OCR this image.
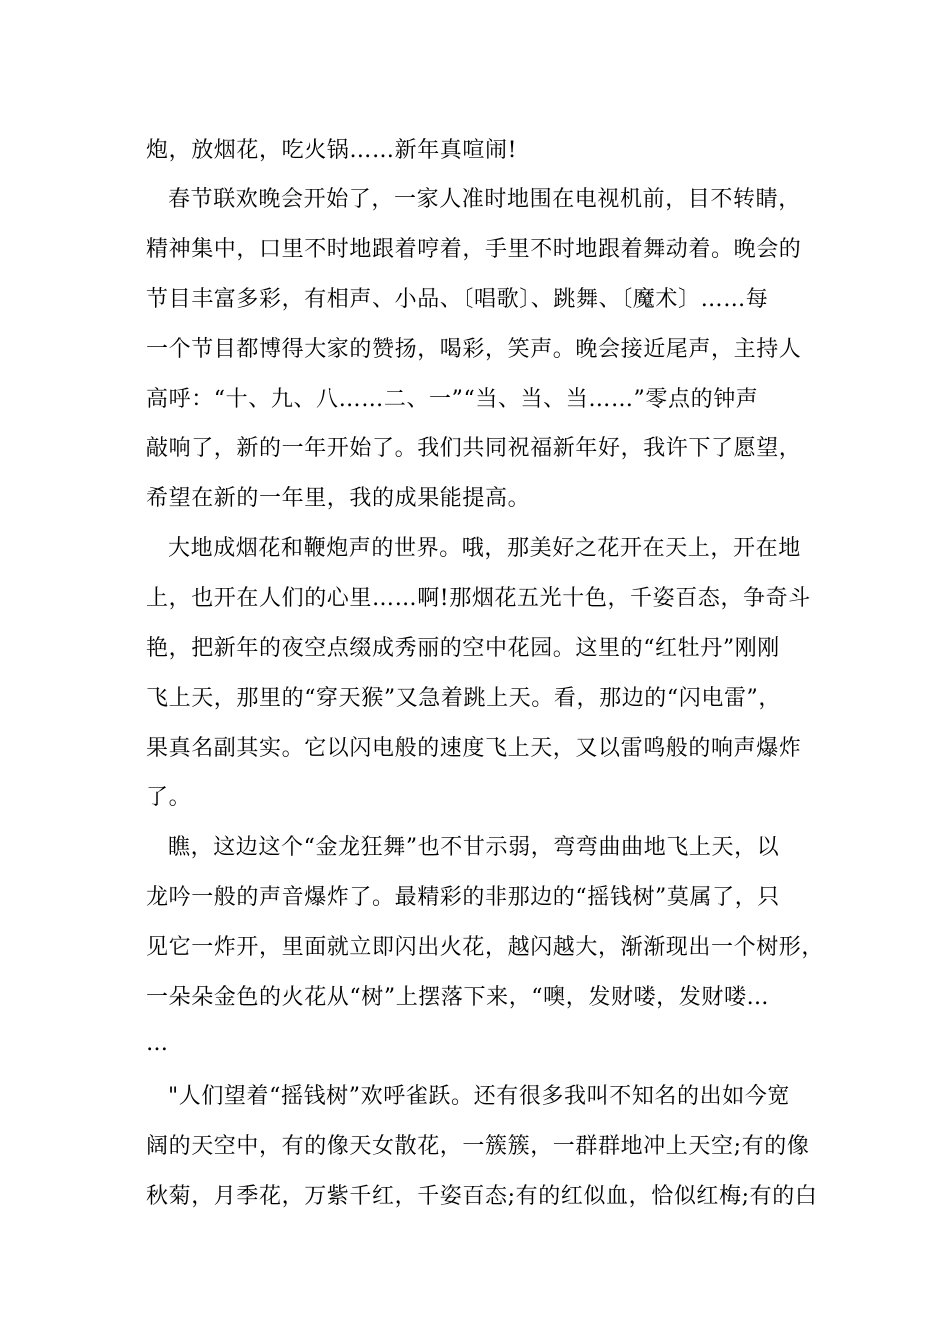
炮，放烟花，吃火锅……新年真喧闹!
春节联欢晚会开始了，一家人准时地围在电视机前，目不转睛，
精神集中，口里不时地跟着哼着，手里不时地跟着舞动着。晚会的
节目丰富多彩，有相声、小品、〔唱歌〕、跳舞、〔魔术〕……每
一个节目都博得大家的赞扬，喝彩，笑声。晚会接近尾声，主持人
高呼：“十、九、八……二、一”“当、当、当……”零点的钟声
敲响了，新的一年开始了。我们共同祝福新年好，我许下了愿望，
希望在新的一年里，我的成果能提高。
大地成烟花和鞭炮声的世界。哦，那美好之花开在天上，开在地
上，也开在人们的心里……啊!那烟花五光十色，千姿百态，争奇斗
艳，把新年的夜空点缀成秀丽的空中花园。这里的“红牡丹”刚刚
飞上天，那里的“穿天猴”又急着跳上天。看，那边的“闪电雷”，
果真名副其实。它以闪电般的速度飞上天，又以雷鸣般的响声爆炸
了。
瞧，这边这个“金龙狂舞”也不甘示弱，弯弯曲曲地飞上天，以
龙吟一般的声音爆炸了。最精彩的非那边的“摇钱树”莫属了，只
见它一炸开，里面就立即闪出火花，越闪越大，渐渐现出一个树形，
一朵朵金色的火花从“树”上摆落下来，“噢，发财喽，发财喽…
…
"人们望着“摇钱树”欢呼雀跃。还有很多我叫不知名的出如今宽
阔的天空中，有的像天女散花，一簇簇，一群群地冲上天空;有的像
秋菊，月季花，万紫千红，千姿百态;有的红似血，恰似红梅;有的白
